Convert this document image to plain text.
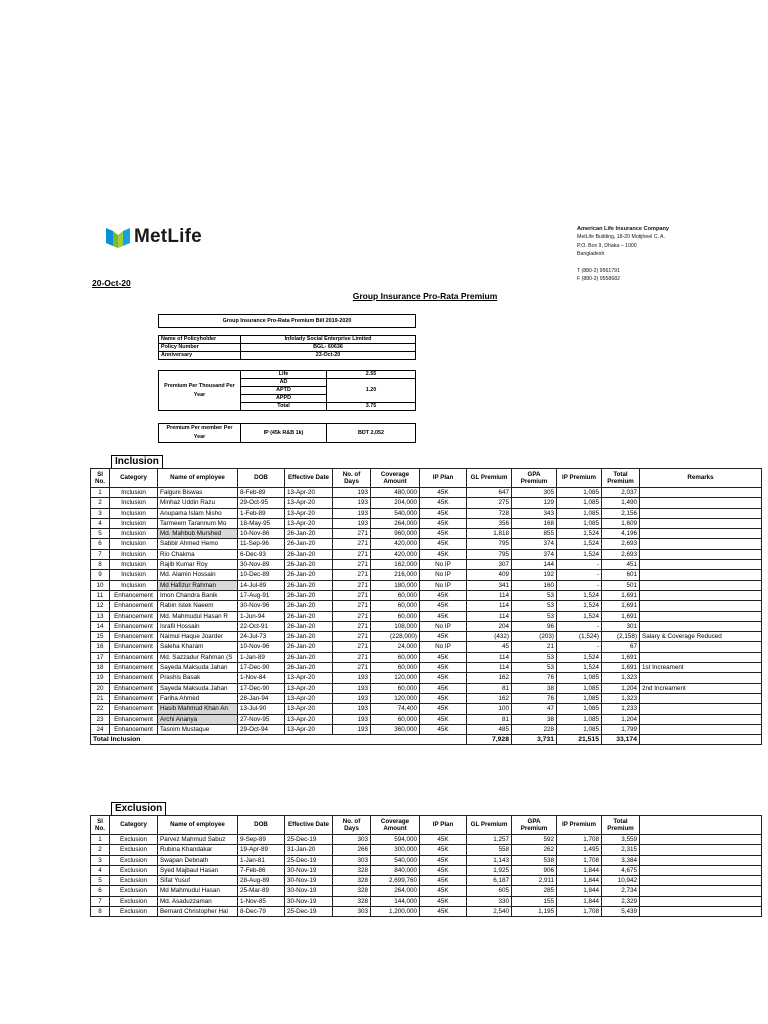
MetLife	American Life Insurance Company
MetLife Building, 18-20 Motijheel C. A.
P.O. Box 9, Dhaka – 1000
Bangladesh
T (880-2) 9561791
F (880-2) 9558682
20-Oct-20
Group Insurance Pro-Rata Premium
Group Insurance Pro-Rata Premium Bill 2019-2020
Name of Policyholder	Infolady Social Enterprise Limited
Policy Number	BGL- 60636
Anniversary	23-Oct-20
Premium Per Thousand Per Year	Life	2.55
	AD	1.20
	APTD	
	APPD	
	Total	3.75
Premium Per member Per Year	IP (45k R&B 1k)	BDT 2,052
Inclusion
Sl No.	Category	Name of employee	DOB	Effective Date	No. of Days	Coverage Amount	IP Plan	GL Premium	GPA Premium	IP Premium	Total Premium	Remarks
1	Inclusion	Falguni Biswas	8-Feb-89	13-Apr-20	193	480,000	45K	647	305	1,085	2,037	
2	Inclusion	Minhaz Uddin Razu	29-Oct-95	13-Apr-20	193	204,000	45K	275	129	1,085	1,490	
3	Inclusion	Anupama Islam Nisho	1-Feb-89	13-Apr-20	193	540,000	45K	728	343	1,085	2,156	
4	Inclusion	Tarmeem Tarannum Mo	18-May-95	13-Apr-20	193	264,000	45K	356	168	1,085	1,609	
5	Inclusion	Md. Mahbub Murshed	10-Nov-86	26-Jan-20	271	960,000	45K	1,818	855	1,524	4,196	
6	Inclusion	Sabbir Ahmed Hemo	11-Sep-96	26-Jan-20	271	420,000	45K	795	374	1,524	2,693	
7	Inclusion	Rio Chakma	6-Dec-93	26-Jan-20	271	420,000	45K	795	374	1,524	2,693	
8	Inclusion	Rajib Kumar Roy	30-Nov-89	26-Jan-20	271	162,000	No IP	307	144	-	451	
9	Inclusion	Md. Alamin Hossain	10-Dec-89	26-Jan-20	271	216,000	No IP	409	192	-	601	
10	Inclusion	Md Hafizur Rahman	14-Jul-89	26-Jan-20	271	180,000	No IP	341	160	-	501	
11	Enhancement	Imon Chandra Banik	17-Aug-91	26-Jan-20	271	60,000	45K	114	53	1,524	1,691	
12	Enhancement	Rabin Istek Naeem	30-Nov-96	26-Jan-20	271	60,000	45K	114	53	1,524	1,691	
13	Enhancement	Md. Mahmudul Hasan R	1-Jun-94	26-Jan-20	271	60,000	45K	114	53	1,524	1,691	
14	Enhancement	Israfil Hossain	22-Oct-91	26-Jan-20	271	108,000	No IP	204	96	-	301	
15	Enhancement	Naimul Haque Joarder	24-Jul-73	26-Jan-20	271	(228,000)	45K	(432)	(203)	(1,524)	(2,158)	Salary & Coverage Reduced
16	Enhancement	Saleha Kharam	10-Nov-96	26-Jan-20	271	24,000	No IP	45	21	-	67	
17	Enhancement	Md. Sazzadur Rahman (S	1-Jan-89	26-Jan-20	271	60,000	45K	114	53	1,524	1,691	
18	Enhancement	Sayeda Maksuda Jahan	17-Dec-90	26-Jan-20	271	60,000	45K	114	53	1,524	1,691	1st Increament
19	Enhancement	Prashis Basak	1-Nov-84	13-Apr-20	193	120,000	45K	162	76	1,085	1,323	
20	Enhancement	Sayeda Maksuda Jahan	17-Dec-90	13-Apr-20	193	60,000	45K	81	38	1,085	1,204	2nd Increament
21	Enhancement	Fariha Ahmed	28-Jan-94	13-Apr-20	193	120,000	45K	162	76	1,085	1,323	
22	Enhancement	Hasib Mahmud Khan An	13-Jul-90	13-Apr-20	193	74,400	45K	100	47	1,085	1,233	
23	Enhancement	Archi Ananya	27-Nov-95	13-Apr-20	193	60,000	45K	81	38	1,085	1,204	
24	Enhancement	Tasnim Mustaque	29-Oct-94	13-Apr-20	193	360,000	45K	485	228	1,085	1,799	
Total Inclusion								7,928	3,731	21,515	33,174	
Exclusion
Sl No.	Category	Name of employee	DOB	Effective Date	No. of Days	Coverage Amount	IP Plan	GL Premium	GPA Premium	IP Premium	Total Premium	
1	Exclusion	Parvez Mahmud Sabuz	9-Sep-89	25-Dec-19	303	594,000	45K	1,257	592	1,708	3,559	
2	Exclusion	Rubina Khandakar	19-Apr-89	31-Jan-20	266	300,000	45K	558	262	1,495	2,315	
3	Exclusion	Swapan Debnath	1-Jan-81	25-Dec-19	303	540,000	45K	1,143	538	1,708	3,384	
4	Exclusion	Syed Majbaul Hasan	7-Feb-86	30-Nov-19	328	840,000	45K	1,925	906	1,844	4,675	
5	Exclusion	Sifat Yusuf	28-Aug-89	30-Nov-19	328	2,699,760	45K	6,187	2,911	1,844	10,942	
6	Exclusion	Md Mahmudul Hasan	25-Mar-89	30-Nov-19	328	264,000	45K	605	285	1,844	2,734	
7	Exclusion	Md. Asaduzzaman	1-Nov-85	30-Nov-19	328	144,000	45K	330	155	1,844	2,329	
8	Exclusion	Bernard Christopher Hal	8-Dec-79	25-Dec-19	303	1,200,000	45K	2,540	1,195	1,708	5,439	
